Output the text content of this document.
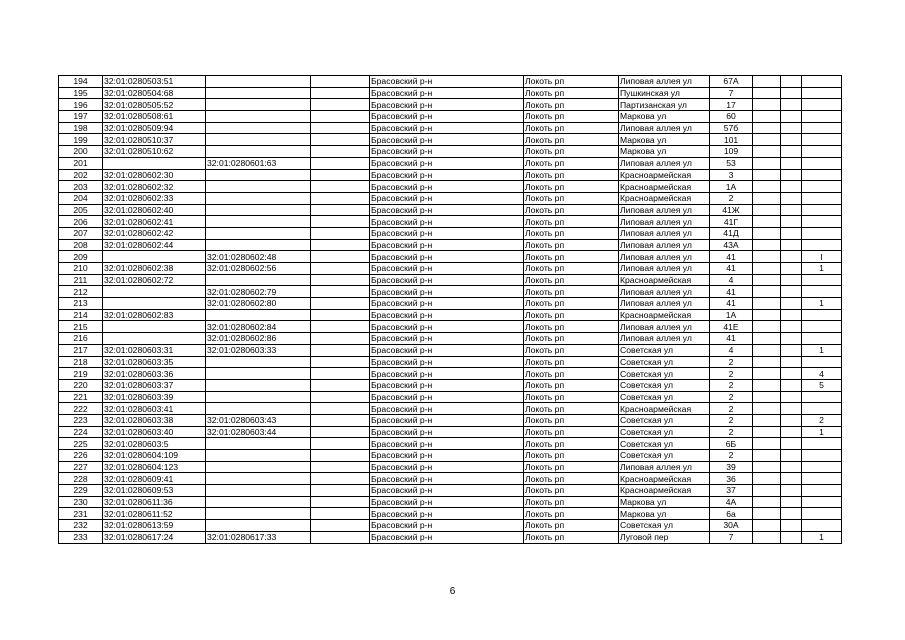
194	32:01:0280503:51			Брасовский р-н	Локоть рп	Липовая аллея ул	67А			
195	32:01:0280504:68			Брасовский р-н	Локоть рп	Пушкинская ул	7			
196	32:01:0280505:52			Брасовский р-н	Локоть рп	Партизанская ул	17			
197	32:01:0280508:61			Брасовский р-н	Локоть рп	Маркова ул	60			
198	32:01:0280509:94			Брасовский р-н	Локоть рп	Липовая аллея ул	57б			
199	32:01:0280510:37			Брасовский р-н	Локоть рп	Маркова ул	101			
200	32:01:0280510:62			Брасовский р-н	Локоть рп	Маркова ул	109			
201		32:01:0280601:63		Брасовский р-н	Локоть рп	Липовая аллея ул	53			
202	32:01:0280602:30			Брасовский р-н	Локоть рп	Красноармейская	3			
203	32:01:0280602:32			Брасовский р-н	Локоть рп	Красноармейская	1А			
204	32:01:0280602:33			Брасовский р-н	Локоть рп	Красноармейская	2			
205	32:01:0280602:40			Брасовский р-н	Локоть рп	Липовая аллея ул	41Ж			
206	32:01:0280602:41			Брасовский р-н	Локоть рп	Липовая аллея ул	41Г			
207	32:01:0280602:42			Брасовский р-н	Локоть рп	Липовая аллея ул	41Д			
208	32:01:0280602:44			Брасовский р-н	Локоть рп	Липовая аллея ул	43А			
209		32:01:0280602:48		Брасовский р-н	Локоть рп	Липовая аллея ул	41			I
210	32:01:0280602:38	32:01:0280602:56		Брасовский р-н	Локоть рп	Липовая аллея ул	41			1
211	32:01:0280602:72			Брасовский р-н	Локоть рп	Красноармейская	4			
212		32:01:0280602:79		Брасовский р-н	Локоть рп	Липовая аллея ул	41			
213		32:01:0280602:80		Брасовский р-н	Локоть рп	Липовая аллея ул	41			1
214	32:01:0280602:83			Брасовский р-н	Локоть рп	Красноармейская	1А			
215		32:01:0280602:84		Брасовский р-н	Локоть рп	Липовая аллея ул	41Е			
216		32:01:0280602:86		Брасовский р-н	Локоть рп	Липовая аллея ул	41			
217	32:01:0280603:31	32:01:0280603:33		Брасовский р-н	Локоть рп	Советская ул	4			1
218	32:01:0280603:35			Брасовский р-н	Локоть рп	Советская ул	2			
219	32:01:0280603:36			Брасовский р-н	Локоть рп	Советская ул	2			4
220	32:01:0280603:37			Брасовский р-н	Локоть рп	Советская ул	2			5
221	32:01:0280603:39			Брасовский р-н	Локоть рп	Советская ул	2			
222	32:01:0280603:41			Брасовский р-н	Локоть рп	Красноармейская	2			
223	32:01:0280603:38	32:01:0280603:43		Брасовский р-н	Локоть рп	Советская ул	2			2
224	32:01:0280603:40	32:01:0280603:44		Брасовский р-н	Локоть рп	Советская ул	2			1
225	32:01:0280603:5			Брасовский р-н	Локоть рп	Советская ул	6Б			
226	32:01:0280604:109			Брасовский р-н	Локоть рп	Советская ул	2			
227	32:01:0280604:123			Брасовский р-н	Локоть рп	Липовая аллея ул	39			
228	32:01:0280609:41			Брасовский р-н	Локоть рп	Красноармейская	36			
229	32:01:0280609:53			Брасовский р-н	Локоть рп	Красноармейская	37			
230	32:01:0280611:36			Брасовский р-н	Локоть рп	Маркова ул	4А			
231	32:01:0280611:52			Брасовский р-н	Локоть рп	Маркова ул	6а			
232	32:01:0280613:59			Брасовский р-н	Локоть рп	Советская ул	30А			
233	32:01:0280617:24	32:01:0280617:33		Брасовский р-н	Локоть рп	Луговой пер	7			1
6
